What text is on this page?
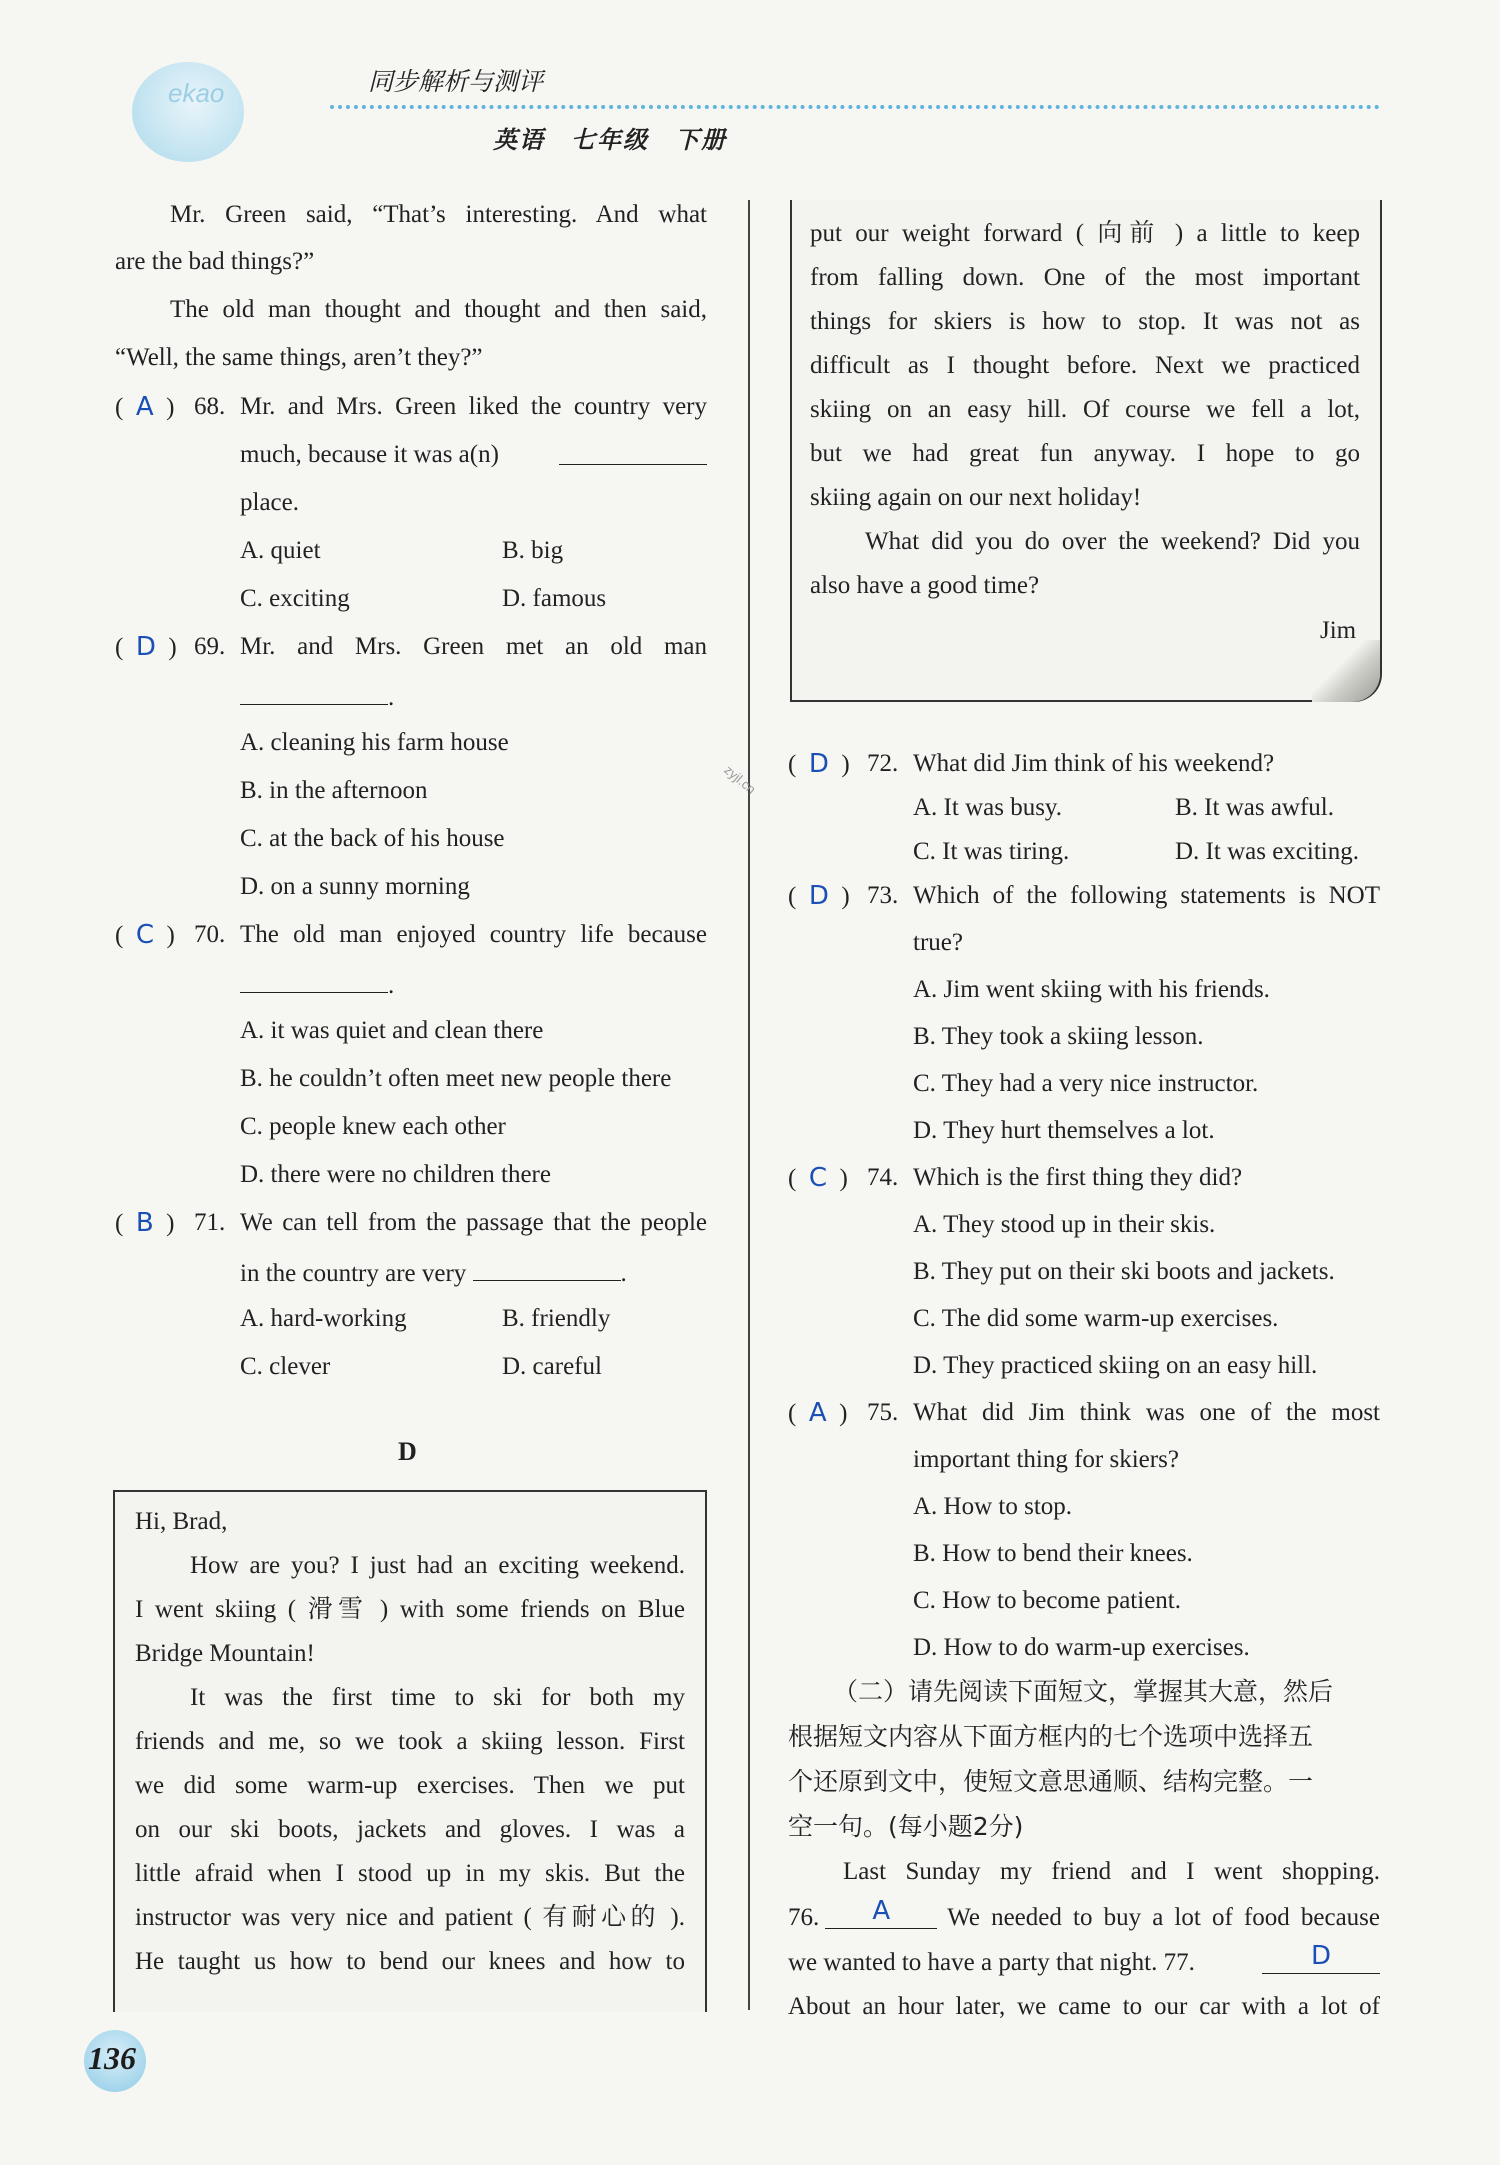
ekao	同步解析与测评
英语　七年级　下册
Mr. Green said, “That’s interesting. And what
are the bad things?”
The old man thought and thought and then said,
“Well, the same things, aren’t they?”
(  A  ) 68. Mr. and Mrs. Green liked the country very
much, because it was a(n)
place.
A. quiet	B. big
C. exciting	D. famous
(  D  ) 69. Mr. and Mrs. Green met an old man
.
A. cleaning his farm house
B. in the afternoon
C. at the back of his house
D. on a sunny morning
(  C  ) 70. The old man enjoyed country life because
.
A. it was quiet and clean there
B. he couldn’t often meet new people there
C. people knew each other
D. there were no children there
(  B  ) 71. We can tell from the passage that the people
in the country are very	.
A. hard-working	B. friendly
C. clever	D. careful
D
Hi, Brad,
How are you? I just had an exciting weekend.
I went skiing ( 滑雪 ) with some friends on Blue
Bridge Mountain!
It was the first time to ski for both my
friends and me, so we took a skiing lesson. First
we did some warm-up exercises. Then we put
on our ski boots, jackets and gloves. I was a
little afraid when I stood up in my skis. But the
instructor was very nice and patient ( 有耐心的 ).
He taught us how to bend our knees and how to
put our weight forward ( 向前 ) a little to keep
from falling down. One of the most important
things for skiers is how to stop. It was not as
difficult as I thought before. Next we practiced
skiing on an easy hill. Of course we fell a lot,
but we had great fun anyway. I hope to go
skiing again on our next holiday!
What did you do over the weekend? Did you
also have a good time?
Jim
zyjl.cn (  D  ) 72. What did Jim think of his weekend?
A. It was busy.	B. It was awful.
C. It was tiring.	D. It was exciting.
(  D  ) 73. Which of the following statements is NOT
true?
A. Jim went skiing with his friends.
B. They took a skiing lesson.
C. They had a very nice instructor.
D. They hurt themselves a lot.
(  C  ) 74. Which is the first thing they did?
A. They stood up in their skis.
B. They put on their ski boots and jackets.
C. The did some warm-up exercises.
D. They practiced skiing on an easy hill.
(  A  ) 75. What did Jim think was one of the most
important thing for skiers?
A. How to stop.
B. How to bend their knees.
C. How to become patient.
D. How to do warm-up exercises.
（二）请先阅读下面短文，掌握其大意，然后
根据短文内容从下面方框内的七个选项中选择五
个还原到文中，使短文意思通顺、结构完整。一
空一句。(每小题2分)
Last Sunday my friend and I went shopping.
76.	A	We needed to buy a lot of food because
we wanted to have a party that night. 77.	D
About an hour later, we came to our car with a lot of
136
